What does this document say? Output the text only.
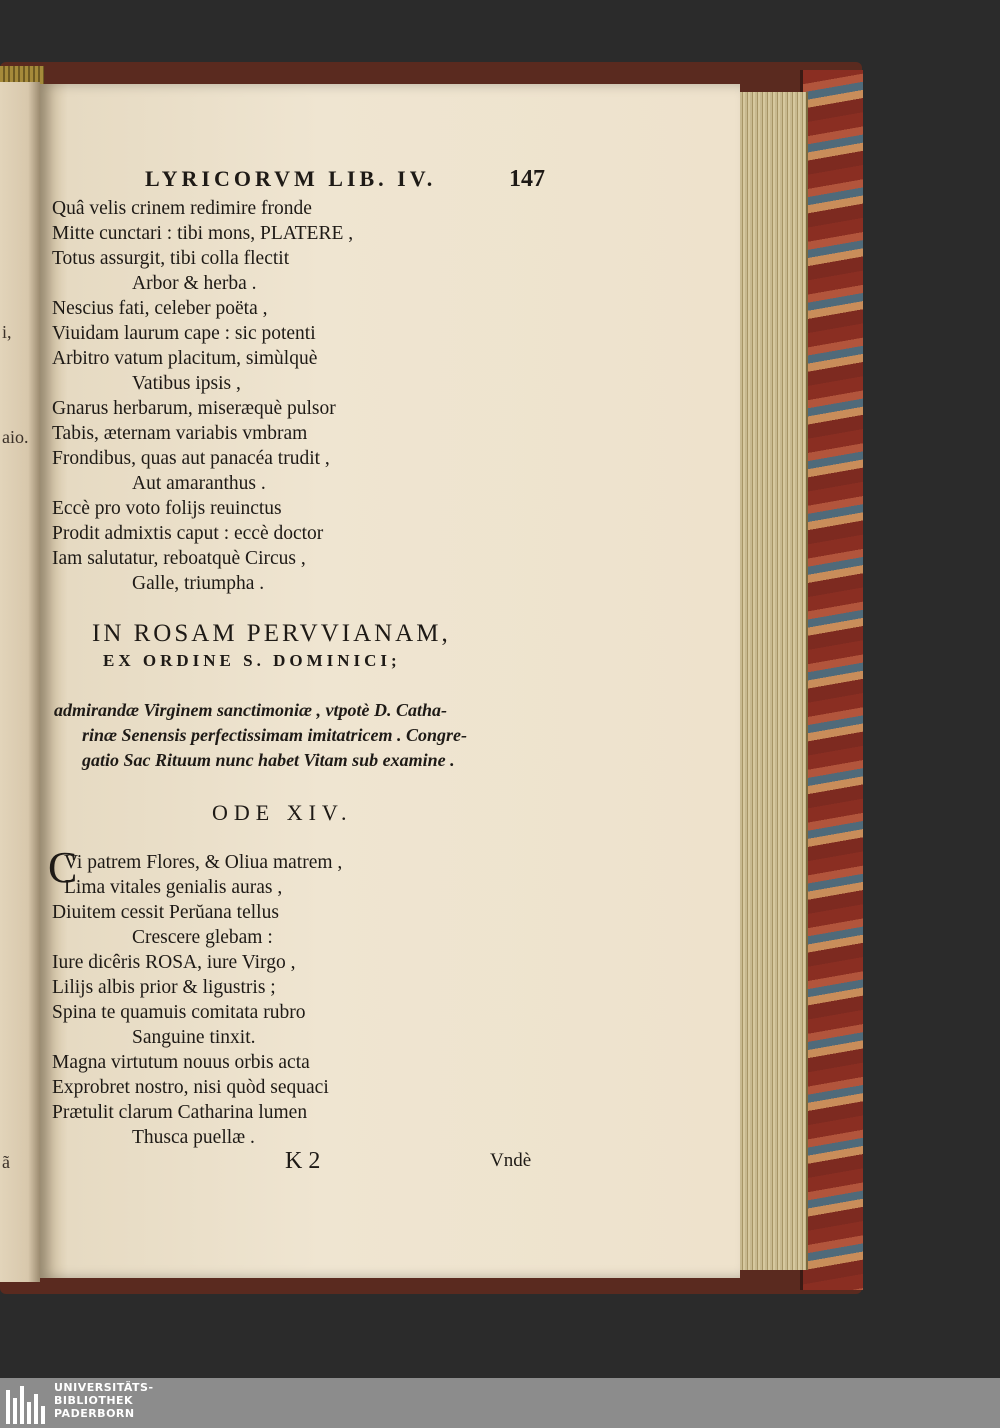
i,
aio.
ã
LYRICORVM LIB. IV.	147
Quâ velis crinem redimire fronde
Mitte cunctari : tibi mons, PLATERE ,
Totus assurgit, tibi colla flectit
Arbor & herba .
Nescius fati, celeber poëta ,
Viuidam laurum cape : sic potenti
Arbitro vatum placitum, simùlquè
Vatibus ipsis ,
Gnarus herbarum, miseræquè pulsor
Tabis, æternam variabis vmbram
Frondibus, quas aut panacéa trudit ,
Aut amaranthus .
Eccè pro voto folijs reuinctus
Prodit admixtis caput : eccè doctor
Iam salutatur, reboatquè Circus ,
Galle, triumpha .
IN ROSAM PERVVIANAM,
EX ORDINE S. DOMINICI;
admirandæ Virginem sanctimoniæ , vtpotè D. Catha-
rinæ Senensis perfectissimam imitatricem . Congre-
gatio Sac Rituum nunc habet Vitam sub examine .
ODE XIV.
C
Vi patrem Flores, & Oliua matrem ,
Lima vitales genialis auras ,
Diuitem cessit Perŭana tellus
Crescere glebam :
Iure dicêris ROSA, iure Virgo ,
Lilijs albis prior & ligustris ;
Spina te quamuis comitata rubro
Sanguine tinxit.
Magna virtutum nouus orbis acta
Exprobret nostro, nisi quòd sequaci
Prætulit clarum Catharina lumen
Thusca puellæ .
K 2	Vndè
UNIVERSITÄTS-
BIBLIOTHEK
PADERBORN
